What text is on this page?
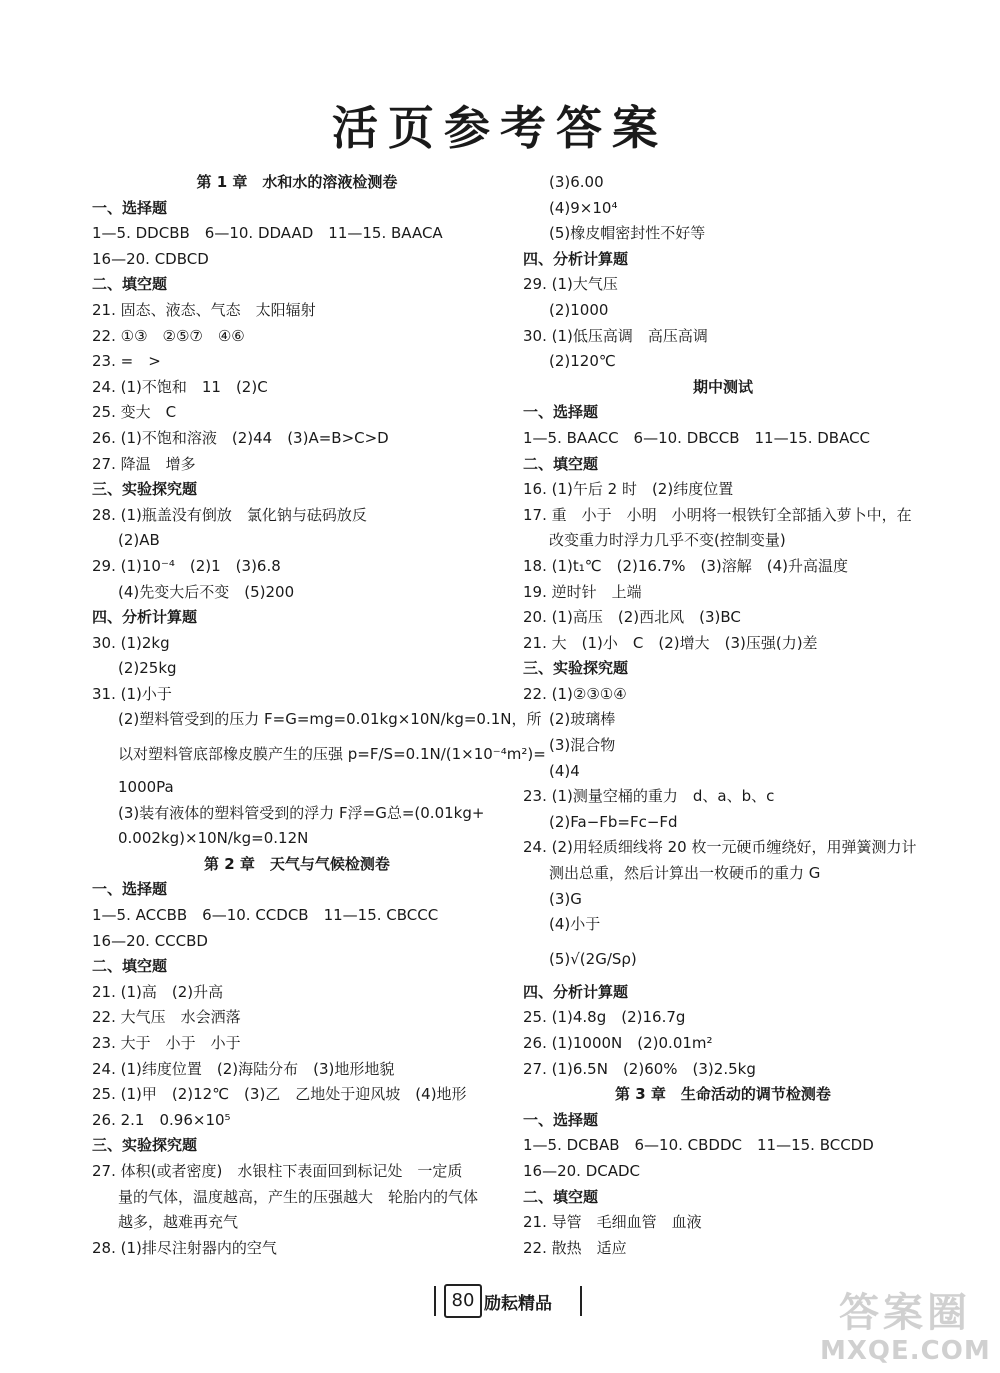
活页参考答案
第 1 章　水和水的溶液检测卷
一、选择题
1—5. DDCBB　6—10. DDAAD　11—15. BAACA
16—20. CDBCD
二、填空题
21. 固态、液态、气态　太阳辐射
22. ①③　②⑤⑦　④⑥
23. =　>
24. (1)不饱和　11　(2)C
25. 变大　C
26. (1)不饱和溶液　(2)44　(3)A=B>C>D
27. 降温　增多
三、实验探究题
28. (1)瓶盖没有倒放　氯化钠与砝码放反
(2)AB
29. (1)10⁻⁴　(2)1　(3)6.8
(4)先变大后不变　(5)200
四、分析计算题
30. (1)2kg
(2)25kg
31. (1)小于
(2)塑料管受到的压力 F=G=mg=0.01kg×10N/kg=0.1N，所
以对塑料管底部橡皮膜产生的压强 p=F/S=0.1N/(1×10⁻⁴m²)=
1000Pa
(3)装有液体的塑料管受到的浮力 F浮=G总=(0.01kg+
0.002kg)×10N/kg=0.12N
第 2 章　天气与气候检测卷
一、选择题
1—5. ACCBB　6—10. CCDCB　11—15. CBCCC
16—20. CCCBD
二、填空题
21. (1)高　(2)升高
22. 大气压　水会洒落
23. 大于　小于　小于
24. (1)纬度位置　(2)海陆分布　(3)地形地貌
25. (1)甲　(2)12℃　(3)乙　乙地处于迎风坡　(4)地形
26. 2.1　0.96×10⁵
三、实验探究题
27. 体积(或者密度)　水银柱下表面回到标记处　一定质
量的气体，温度越高，产生的压强越大　轮胎内的气体
越多，越难再充气
28. (1)排尽注射器内的空气
(3)6.00
(4)9×10⁴
(5)橡皮帽密封性不好等
四、分析计算题
29. (1)大气压
(2)1000
30. (1)低压高调　高压高调
(2)120℃
期中测试
一、选择题
1—5. BAACC　6—10. DBCCB　11—15. DBACC
二、填空题
16. (1)午后 2 时　(2)纬度位置
17. 重　小于　小明　小明将一根铁钉全部插入萝卜中，在
改变重力时浮力几乎不变(控制变量)
18. (1)t₁℃　(2)16.7%　(3)溶解　(4)升高温度
19. 逆时针　上端
20. (1)高压　(2)西北风　(3)BC
21. 大　(1)小　C　(2)增大　(3)压强(力)差
三、实验探究题
22. (1)②③①④
(2)玻璃棒
(3)混合物
(4)4
23. (1)测量空桶的重力　d、a、b、c
(2)Fa−Fb=Fc−Fd
24. (2)用轻质细线将 20 枚一元硬币缠绕好，用弹簧测力计
测出总重，然后计算出一枚硬币的重力 G
(3)G
(4)小于
(5)√(2G/Sρ)
四、分析计算题
25. (1)4.8g　(2)16.7g
26. (1)1000N　(2)0.01m²
27. (1)6.5N　(2)60%　(3)2.5kg
第 3 章　生命活动的调节检测卷
一、选择题
1—5. DCBAB　6—10. CBDDC　11—15. BCCDD
16—20. DCADC
二、填空题
21. 导管　毛细血管　血液
22. 散热　适应
80 励耘精品	答案圈
MXQE.COM
